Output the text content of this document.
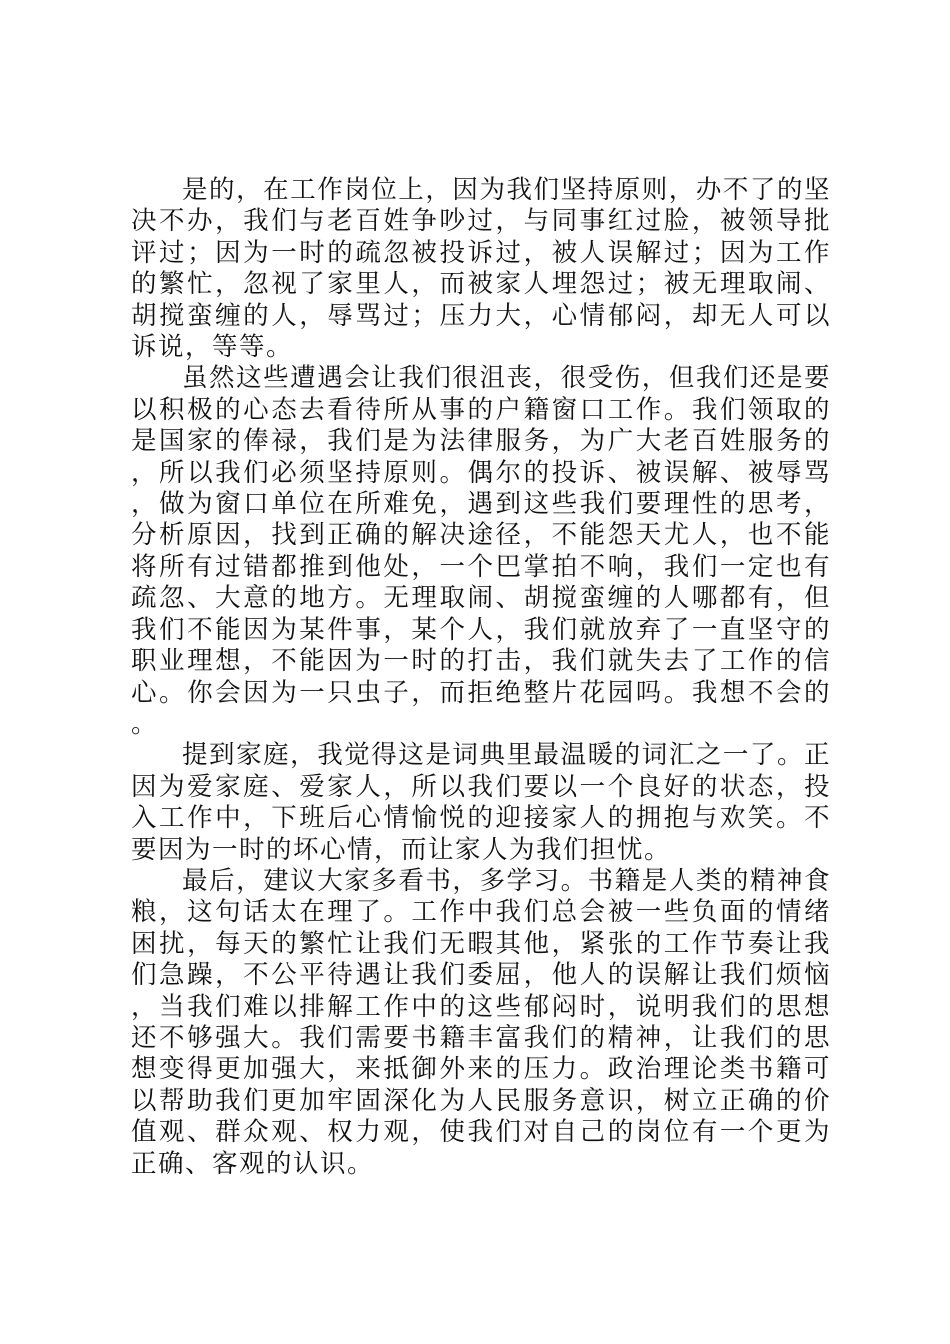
是的，在工作岗位上，因为我们坚持原则，办不了的坚决不办，我们与老百姓争吵过，与同事红过脸，被领导批评过；因为一时的疏忽被投诉过，被人误解过；因为工作的繁忙，忽视了家里人，而被家人埋怨过；被无理取闹、胡搅蛮缠的人，辱骂过；压力大，心情郁闷，却无人可以诉说，等等。

虽然这些遭遇会让我们很沮丧，很受伤，但我们还是要以积极的心态去看待所从事的户籍窗口工作。我们领取的是国家的俸禄，我们是为法律服务，为广大老百姓服务的，所以我们必须坚持原则。偶尔的投诉、被误解、被辱骂，做为窗口单位在所难免，遇到这些我们要理性的思考，分析原因，找到正确的解决途径，不能怨天尤人，也不能将所有过错都推到他处，一个巴掌拍不响，我们一定也有疏忽、大意的地方。无理取闹、胡搅蛮缠的人哪都有，但我们不能因为某件事，某个人，我们就放弃了一直坚守的职业理想，不能因为一时的打击，我们就失去了工作的信心。你会因为一只虫子，而拒绝整片花园吗。我想不会的。

提到家庭，我觉得这是词典里最温暖的词汇之一了。正因为爱家庭、爱家人，所以我们要以一个良好的状态，投入工作中，下班后心情愉悦的迎接家人的拥抱与欢笑。不要因为一时的坏心情，而让家人为我们担忧。

最后，建议大家多看书，多学习。书籍是人类的精神食粮，这句话太在理了。工作中我们总会被一些负面的情绪困扰，每天的繁忙让我们无暇其他，紧张的工作节奏让我们急躁，不公平待遇让我们委屈，他人的误解让我们烦恼，当我们难以排解工作中的这些郁闷时，说明我们的思想还不够强大。我们需要书籍丰富我们的精神，让我们的思想变得更加强大，来抵御外来的压力。政治理论类书籍可以帮助我们更加牢固深化为人民服务意识，树立正确的价值观、群众观、权力观，使我们对自己的岗位有一个更为正确、客观的认识。
